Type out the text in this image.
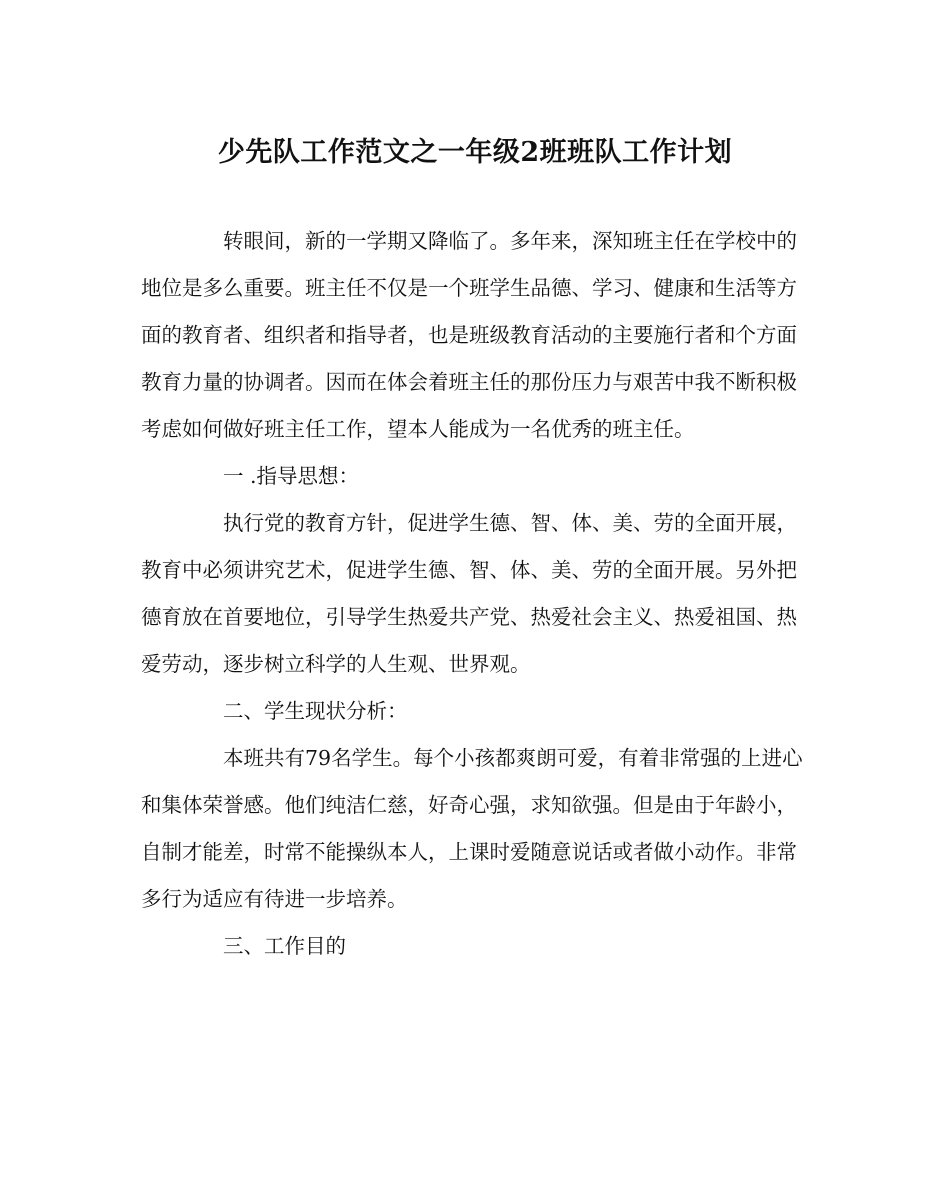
少先队工作范文之一年级2班班队工作计划

转眼间，新的一学期又降临了。多年来，深知班主任在学校中的地位是多么重要。班主任不仅是一个班学生品德、学习、健康和生活等方面的教育者、组织者和指导者，也是班级教育活动的主要施行者和个方面教育力量的协调者。因而在体会着班主任的那份压力与艰苦中我不断积极考虑如何做好班主任工作，望本人能成为一名优秀的班主任。

一 .指导思想：

执行党的教育方针，促进学生德、智、体、美、劳的全面开展，教育中必须讲究艺术，促进学生德、智、体、美、劳的全面开展。另外把德育放在首要地位，引导学生热爱共产党、热爱社会主义、热爱祖国、热爱劳动，逐步树立科学的人生观、世界观。

二、学生现状分析：

本班共有79名学生。每个小孩都爽朗可爱，有着非常强的上进心和集体荣誉感。他们纯洁仁慈，好奇心强，求知欲强。但是由于年龄小，自制才能差，时常不能操纵本人，上课时爱随意说话或者做小动作。非常多行为适应有待进一步培养。

三、工作目的
